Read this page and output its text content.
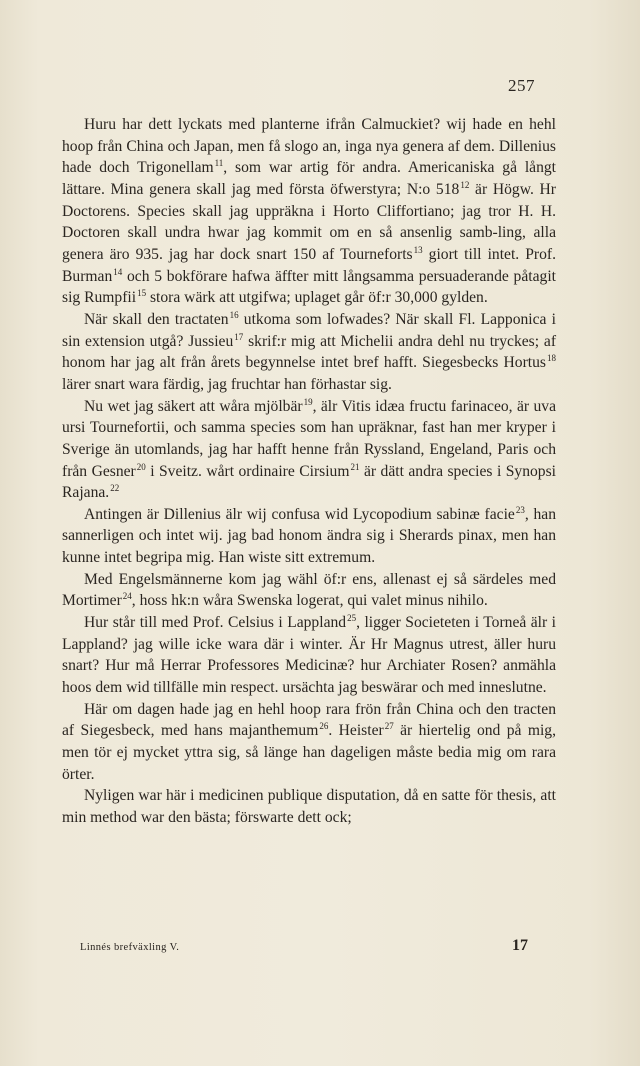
257

Huru har dett lyckats med planterne ifrån Calmuckiet? wij hade en hehl hoop från China och Japan, men få slogo an, inga nya genera af dem. Dillenius hade doch Trigonellam$^{11}$, som war artig för andra. Americaniska gå långt lättare. Mina genera skall jag med första öfwerstyra; N:o 518$^{12}$ är Högw. Hr Doctorens. Species skall jag uppräkna i Horto Cliffortiano; jag tror H. H. Doctoren skall undra hwar jag kommit om en så ansenlig samb-ling, alla genera äro 935. jag har dock snart 150 af Tourneforts$^{13}$ giort till intet. Prof. Burman$^{14}$ och 5 bokförare hafwa äffter mitt långsamma persuaderande påtagit sig Rumpfii$^{15}$ stora wärk att utgifwa; uplaget går öf:r 30,000 gylden.

När skall den tractaten$^{16}$ utkoma som lofwades? När skall Fl. Lapponica i sin extension utgå? Jussieu$^{17}$ skrif:r mig att Michelii andra dehl nu tryckes; af honom har jag alt från årets begynnelse intet bref hafft. Siegesbecks Hortus$^{18}$ lärer snart wara färdig, jag fruchtar han förhastar sig.

Nu wet jag säkert att wåra mjölbär$^{19}$, älr Vitis idæa fructu farinaceo, är uva ursi Tournefortii, och samma species som han upräknar, fast han mer kryper i Sverige än utomlands, jag har hafft henne från Ryssland, Engeland, Paris och från Gesner$^{20}$ i Sveitz. wårt ordinaire Cirsium$^{21}$ är dätt andra species i Synopsi Rajana.$^{22}$

Antingen är Dillenius älr wij confusa wid Lycopodium sabinæ facie$^{23}$, han sannerligen och intet wij. jag bad honom ändra sig i Sherards pinax, men han kunne intet begripa mig. Han wiste sitt extremum.

Med Engelsmännerne kom jag wähl öf:r ens, allenast ej så särdeles med Mortimer$^{24}$, hoss hk:n wåra Swenska logerat, qui valet minus nihilo.

Hur står till med Prof. Celsius i Lappland$^{25}$, ligger Societeten i Torneå älr i Lappland? jag wille icke wara där i winter. Är Hr Magnus utrest, äller huru snart? Hur må Herrar Professores Medicinæ? hur Archiater Rosen? anmähla hoos dem wid tillfälle min respect. ursächta jag beswärar och med inneslutne.

Här om dagen hade jag en hehl hoop rara frön från China och den tracten af Siegesbeck, med hans majanthemum$^{26}$. Heister$^{27}$ är hiertelig ond på mig, men tör ej mycket yttra sig, så länge han dageligen måste bedia mig om rara örter.

Nyligen war här i medicinen publique disputation, då en satte för thesis, att min method war den bästa; förswarte dett ock;

Linnés brefväxling V.	17
